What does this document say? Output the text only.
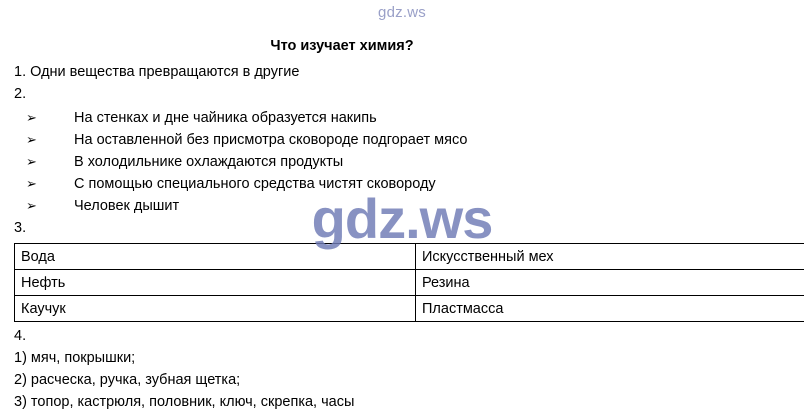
gdz.ws
Что изучает химия?

1. Одни вещества превращаются в другие

2.

➢	На стенках и дне чайника образуется накипь
➢	На оставленной без присмотра сковороде подгорает мясо
➢	В холодильнике охлаждаются продукты
➢	С помощью специального средства чистят сковороду
➢	Человек дышит

3.

Вода	Искусственный мех
Нефть	Резина
Каучук	Пластмасса

4.

1) мяч, покрышки;

2) расческа, ручка, зубная щетка;

3) топор, кастрюля, половник, ключ, скрепка, часы

gdz.ws
